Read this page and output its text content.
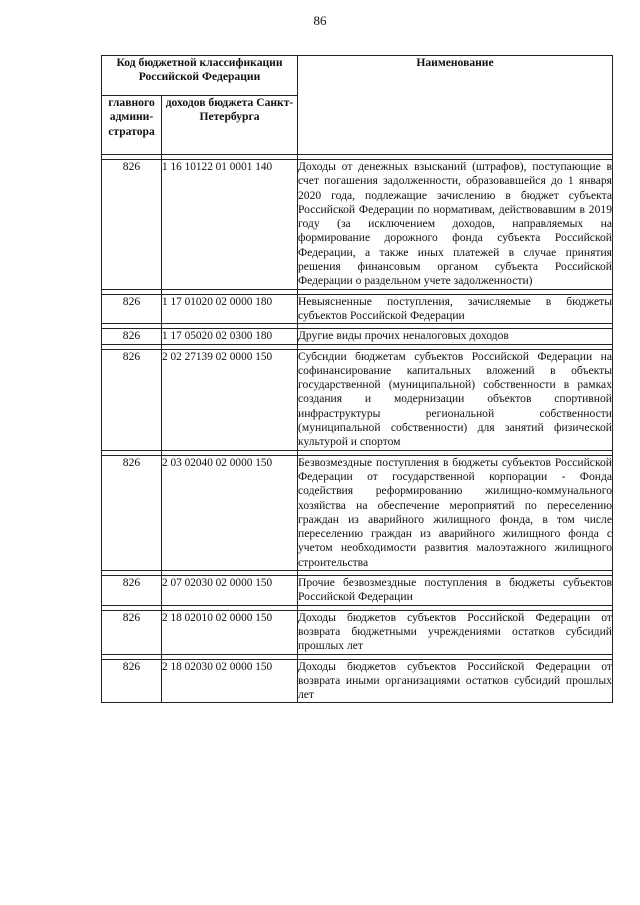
86
Код бюджетной классификации Российской Федерации		Наименование
главного админи- стратора	доходов бюджета Санкт-Петербурга	

826	1 16 10122 01 0001 140	Доходы от денежных взысканий (штрафов), поступающие в счет погашения задолженности, образовавшейся до 1 января 2020 года, подлежащие зачислению в бюджет субъекта Российской Федерации по нормативам, действовавшим в 2019 году (за исключением доходов, направляемых на формирование дорожного фонда субъекта Российской Федерации, а также иных платежей в случае принятия решения финансовым органом субъекта Российской Федерации о раздельном учете задолженности)

826	1 17 01020 02 0000 180	Невыясненные поступления, зачисляемые в бюджеты субъектов Российской Федерации

826	1 17 05020 02 0300 180	Другие виды прочих неналоговых доходов

826	2 02 27139 02 0000 150	Субсидии бюджетам субъектов Российской Федерации на софинансирование капитальных вложений в объекты государственной (муниципальной) собственности в рамках создания и модернизации объектов спортивной инфраструктуры региональной собственности (муниципальной собственности) для занятий физической культурой и спортом

826	2 03 02040 02 0000 150	Безвозмездные поступления в бюджеты субъектов Российской Федерации от государственной корпорации - Фонда содействия реформированию жилищно-коммунального хозяйства на обеспечение мероприятий по переселению граждан из аварийного жилищного фонда, в том числе переселению граждан из аварийного жилищного фонда с учетом необходимости развития малоэтажного жилищного строительства

826	2 07 02030 02 0000 150	Прочие безвозмездные поступления в бюджеты субъектов Российской Федерации

826	2 18 02010 02 0000 150	Доходы бюджетов субъектов Российской Федерации от возврата бюджетными учреждениями остатков субсидий прошлых лет

826	2 18 02030 02 0000 150	Доходы бюджетов субъектов Российской Федерации от возврата иными организациями остатков субсидий прошлых лет
